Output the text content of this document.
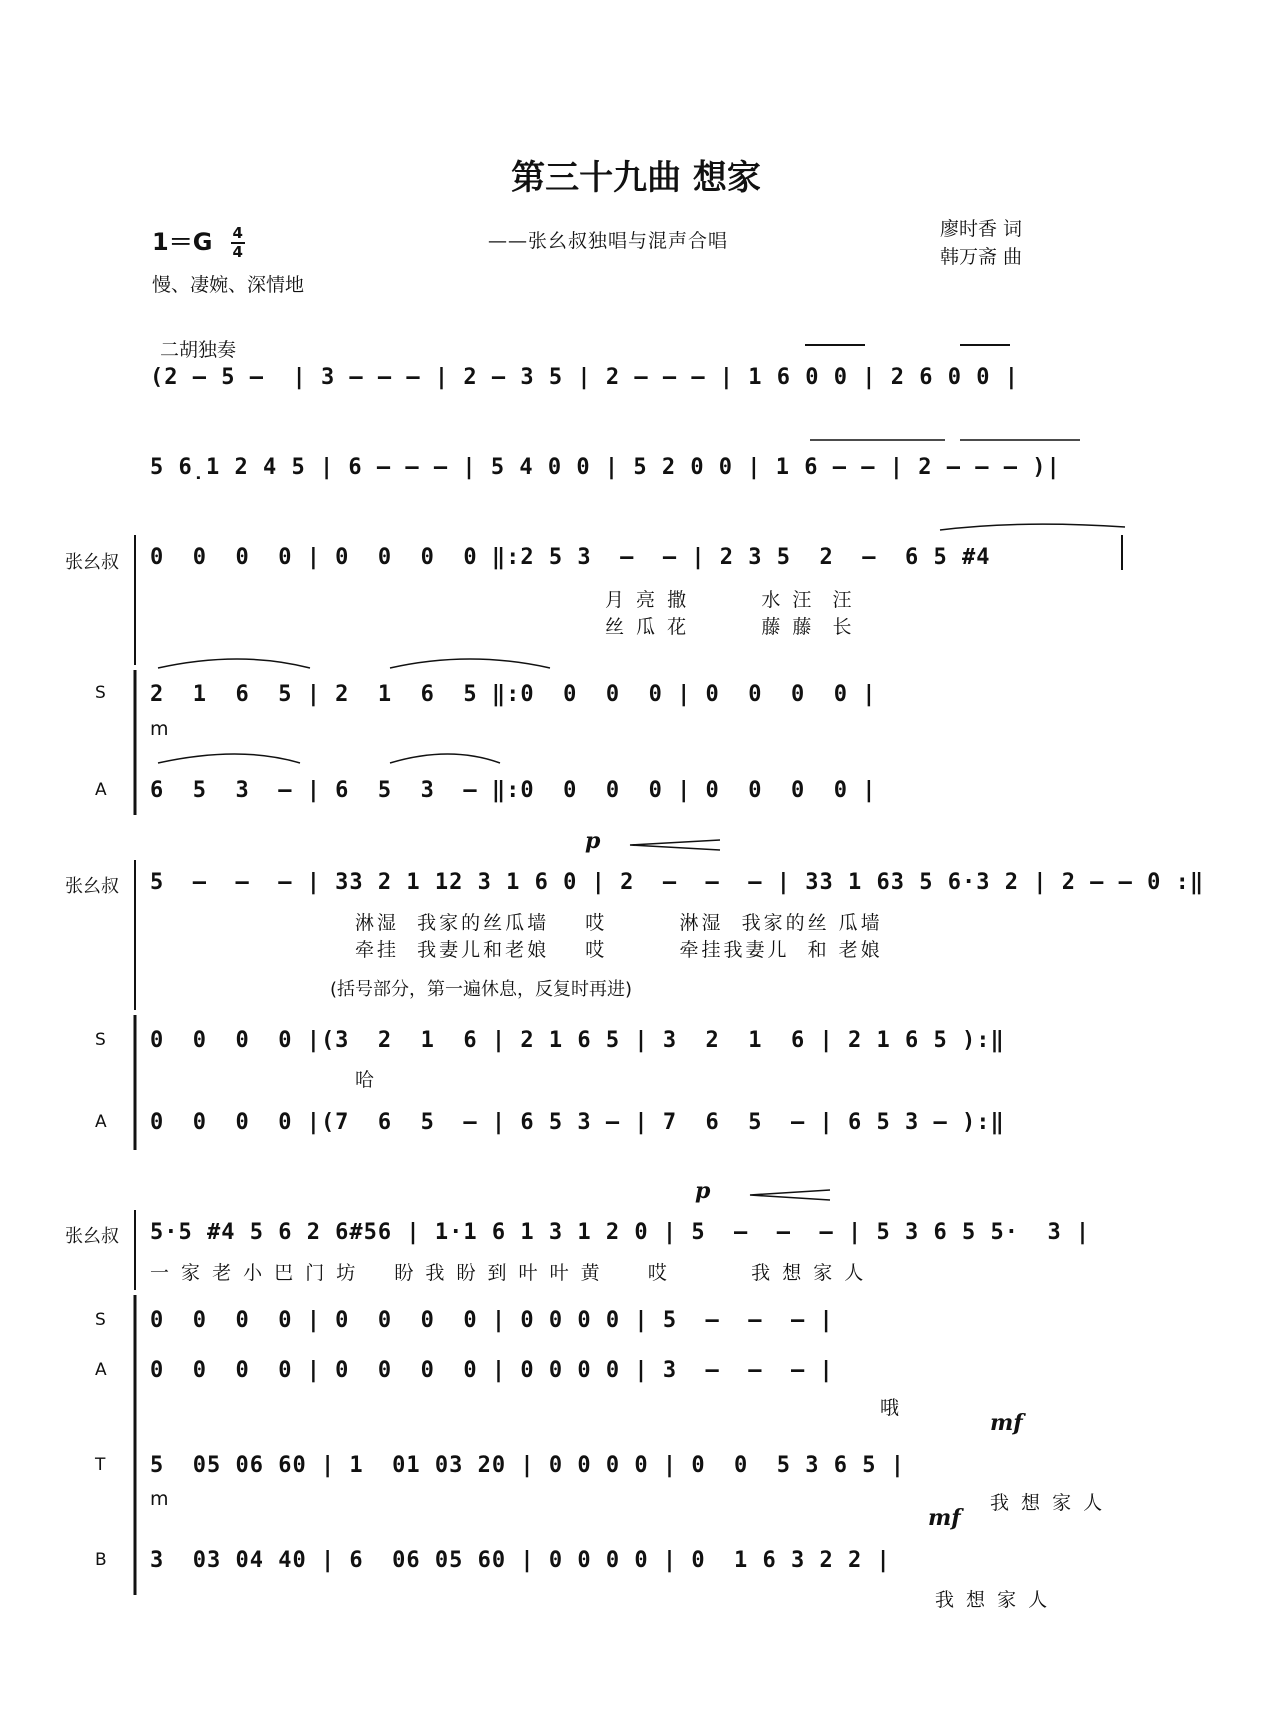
第三十九曲 想家
$1=G \frac{4}{4}$
慢、凄婉、深情地
——张幺叔独唱与混声合唱
廖时香 词
韩万斋 曲
二胡独奏
(2 – 5 –  | 3 – – – | 2 – 3 5 | 2 – – – | 1 6 0 0 | 2 6 0 0 |
5 6̣1 2 4 5 | 6 – – – | 5 4 0 0 | 5 2 0 0 | 1 6 – – | 2 – – – )|
张幺叔 0  0  0  0 | 0  0  0  0 ‖:2 5 3  –  – | 2 3 5  2  –  6 5 #4
月 亮 撒        水 汪  汪
丝 瓜 花        藤 藤  长
S 2  1  6  5 | 2  1  6  5 ‖:0  0  0  0 | 0  0  0  0 |
m
A 6  5  3  – | 6  5  3  – ‖:0  0  0  0 | 0  0  0  0 |
p
张幺叔 5  –  –  – | 33 2 1 12 3 1 6 0 | 2  –  –  – | 33 1 63 5 6·3 2 | 2 – – 0 :‖
淋湿  我家的丝瓜墙    哎        淋湿  我家的丝 瓜墙
牵挂  我妻儿和老娘    哎        牵挂我妻儿  和 老娘
(括号部分，第一遍休息，反复时再进)
S 0  0  0  0 |(3  2  1  6 | 2 1 6 5 | 3  2  1  6 | 2 1 6 5 ):‖
哈
A 0  0  0  0 |(7  6  5  – | 6 5 3 – | 7  6  5  – | 6 5 3 – ):‖
p
张幺叔 5·5 #4 5 6 2 6#56 | 1·1 6 1 3 1 2 0 | 5  –  –  – | 5 3 6 5 5·  3 |
一 家 老 小 巴 门 坊    盼 我 盼 到 叶 叶 黄     哎         我 想 家 人
S 0  0  0  0 | 0  0  0  0 | 0 0 0 0 | 5  –  –  – |
A 0  0  0  0 | 0  0  0  0 | 0 0 0 0 | 3  –  –  – |
哦
mf
T 5  05 06 60 | 1  01 03 20 | 0 0 0 0 | 0  0  5 3 6 5 |
m	我 想 家 人
mf
B 3  03 04 40 | 6  06 05 60 | 0 0 0 0 | 0  1 6 3 2 2 |
我 想 家 人
